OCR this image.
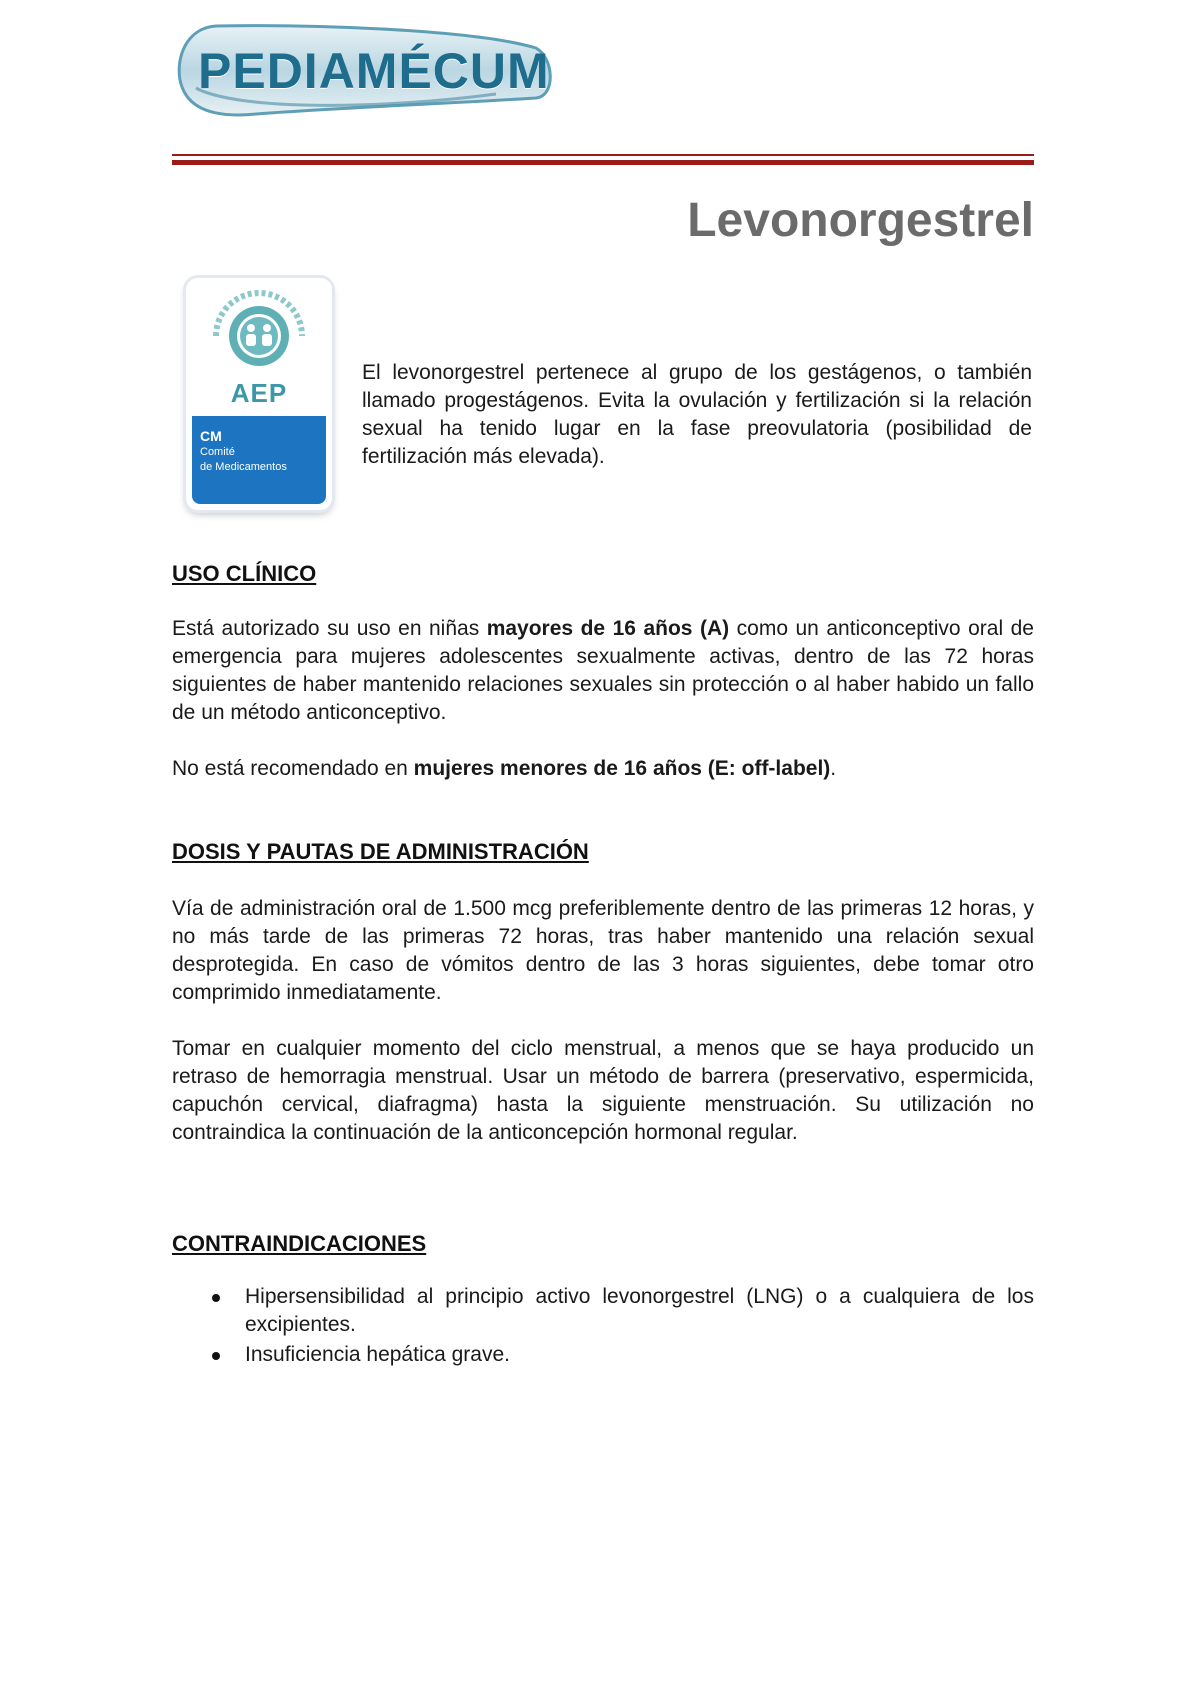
PEDIAMÉCUM
Levonorgestrel
AEP
CM
Comité
de Medicamentos
El levonorgestrel pertenece al grupo de los gestágenos, o también llamado progestágenos. Evita la ovulación y fertilización si la relación sexual ha tenido lugar en la fase preovulatoria (posibilidad de fertilización más elevada).
USO CLÍNICO
Está autorizado su uso en niñas mayores de 16 años (A) como un anticonceptivo oral de emergencia para mujeres adolescentes sexualmente activas, dentro de las 72 horas siguientes de haber mantenido relaciones sexuales sin protección o al haber habido un fallo de un método anticonceptivo.
No está recomendado en mujeres menores de 16 años (E: off-label).
DOSIS Y PAUTAS DE ADMINISTRACIÓN
Vía de administración oral de 1.500 mcg preferiblemente dentro de las primeras 12 horas, y no más tarde de las primeras 72 horas, tras haber mantenido una relación sexual desprotegida. En caso de vómitos dentro de las 3 horas siguientes, debe tomar otro comprimido inmediatamente.
Tomar en cualquier momento del ciclo menstrual, a menos que se haya producido un retraso de hemorragia menstrual. Usar un método de barrera (preservativo, espermicida, capuchón cervical, diafragma) hasta la siguiente menstruación. Su utilización no contraindica la continuación de la anticoncepción hormonal regular.
CONTRAINDICACIONES
Hipersensibilidad al principio activo levonorgestrel (LNG) o a cualquiera de los excipientes.
Insuficiencia hepática grave.
